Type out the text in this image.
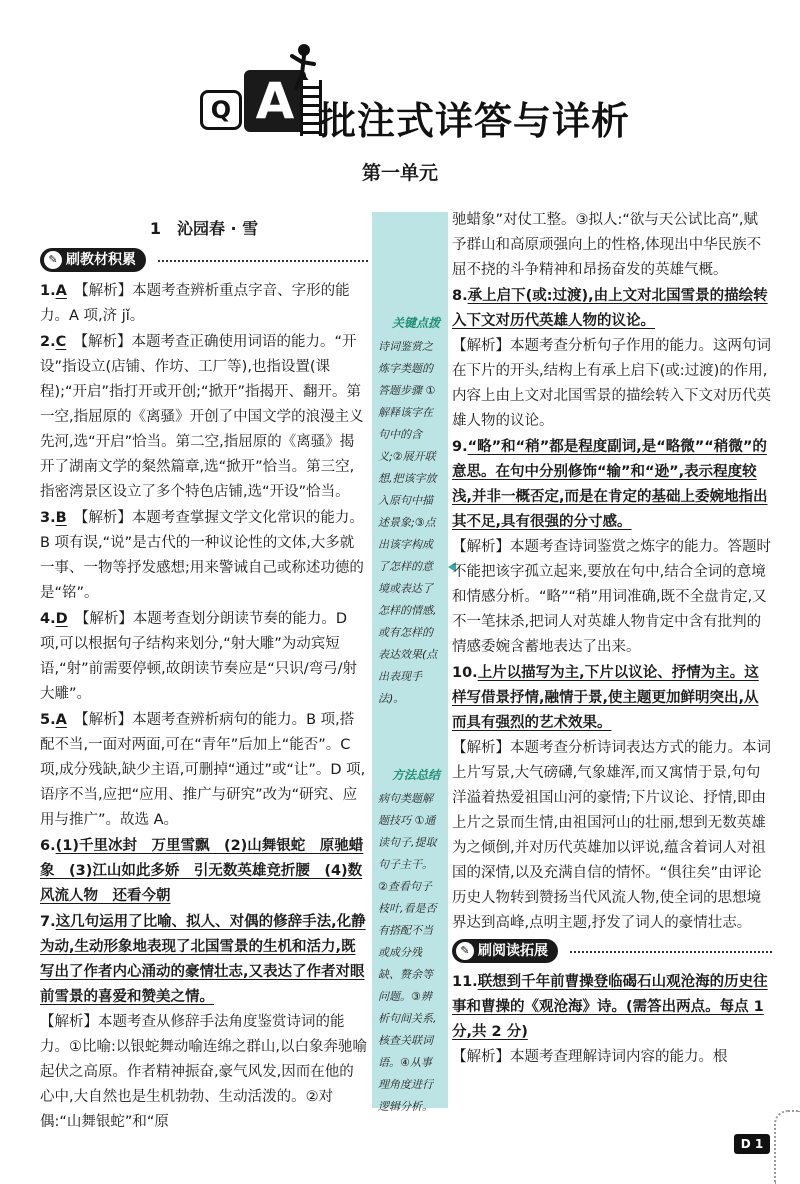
Q A 批注式详答与详析
第一单元
1　沁园春 · 雪
✎ 刷教材积累
1.A　 【解析】本题考查辨析重点字音、字形的能力。A 项,济 jǐ。
2.C　 【解析】本题考查正确使用词语的能力。“开设”指设立(店铺、作坊、工厂等),也指设置(课程);“开启”指打开或开创;“掀开”指揭开、翻开。第一空,指屈原的《离骚》开创了中国文学的浪漫主义先河,选“开启”恰当。第二空,指屈原的《离骚》揭开了湖南文学的粲然篇章,选“掀开”恰当。第三空,指密湾景区设立了多个特色店铺,选“开设”恰当。
3.B　 【解析】本题考查掌握文学文化常识的能力。B 项有误,“说”是古代的一种议论性的文体,大多就一事、一物等抒发感想;用来警诫自己或称述功德的是“铭”。
4.D　 【解析】本题考查划分朗读节奏的能力。D 项,可以根据句子结构来划分,“射大雕”为动宾短语,“射”前需要停顿,故朗读节奏应是“只识/弯弓/射大雕”。
5.A　 【解析】本题考查辨析病句的能力。B 项,搭配不当,一面对两面,可在“青年”后加上“能否”。C 项,成分残缺,缺少主语,可删掉“通过”或“让”。D 项,语序不当,应把“应用、推广与研究”改为“研究、应用与推广”。故选 A。
6.(1)千里冰封　万里雪飘　(2)山舞银蛇　原驰蜡象　(3)江山如此多娇　引无数英雄竞折腰　(4)数风流人物　还看今朝
7.这几句运用了比喻、拟人、对偶的修辞手法,化静为动,生动形象地表现了北国雪景的生机和活力,既写出了作者内心涌动的豪情壮志,又表达了作者对眼前雪景的喜爱和赞美之情。
【解析】本题考查从修辞手法角度鉴赏诗词的能力。①比喻:以银蛇舞动喻连绵之群山,以白象奔驰喻起伏之高原。作者精神振奋,豪气风发,因而在他的心中,大自然也是生机勃勃、生动活泼的。②对偶:“山舞银蛇”和“原
关键点拨

诗词鉴赏之炼字类题的答题步骤 ①解释该字在句中的含义;②展开联想,把该字放入原句中描述景象;③点出该字构成了怎样的意境或表达了怎样的情感,或有怎样的表达效果(点出表现手法)。

方法总结

病句类题解题技巧 ①通读句子,提取句子主干。②查看句子枝叶,看是否有搭配不当或成分残缺、赘余等问题。③辨析句间关系,核查关联词语。④从事理角度进行逻辑分析。

驰蜡象”对仗工整。③拟人:“欲与天公试比高”,赋予群山和高原顽强向上的性格,体现出中华民族不屈不挠的斗争精神和昂扬奋发的英雄气概。
8.承上启下(或:过渡),由上文对北国雪景的描绘转入下文对历代英雄人物的议论。
【解析】本题考查分析句子作用的能力。这两句词在下片的开头,结构上有承上启下(或:过渡)的作用,内容上由上文对北国雪景的描绘转入下文对历代英雄人物的议论。
9.“略”和“稍”都是程度副词,是“略微”“稍微”的意思。在句中分别修饰“输”和“逊”,表示程度较浅,并非一概否定,而是在肯定的基础上委婉地指出其不足,具有很强的分寸感。
【解析】本题考查诗词鉴赏之炼字的能力。答题时不能把该字孤立起来,要放在句中,结合全词的意境和情感分析。“略”“稍”用词准确,既不全盘肯定,又不一笔抹杀,把词人对英雄人物肯定中含有批判的情感委婉含蓄地表达了出来。
10.上片以描写为主,下片以议论、抒情为主。这样写借景抒情,融情于景,使主题更加鲜明突出,从而具有强烈的艺术效果。
【解析】本题考查分析诗词表达方式的能力。本词上片写景,大气磅礴,气象雄浑,而又寓情于景,句句洋溢着热爱祖国山河的豪情;下片议论、抒情,即由上片之景而生情,由祖国河山的壮丽,想到无数英雄为之倾倒,并对历代英雄加以评说,蕴含着词人对祖国的深情,以及充满自信的情怀。“俱往矣”由评论历史人物转到赞扬当代风流人物,使全词的思想境界达到高峰,点明主题,抒发了词人的豪情壮志。
✎ 刷阅读拓展
11.联想到千年前曹操登临碣石山观沧海的历史往事和曹操的《观沧海》诗。(需答出两点。每点 1 分,共 2 分)
【解析】本题考查理解诗词内容的能力。根
D 1
